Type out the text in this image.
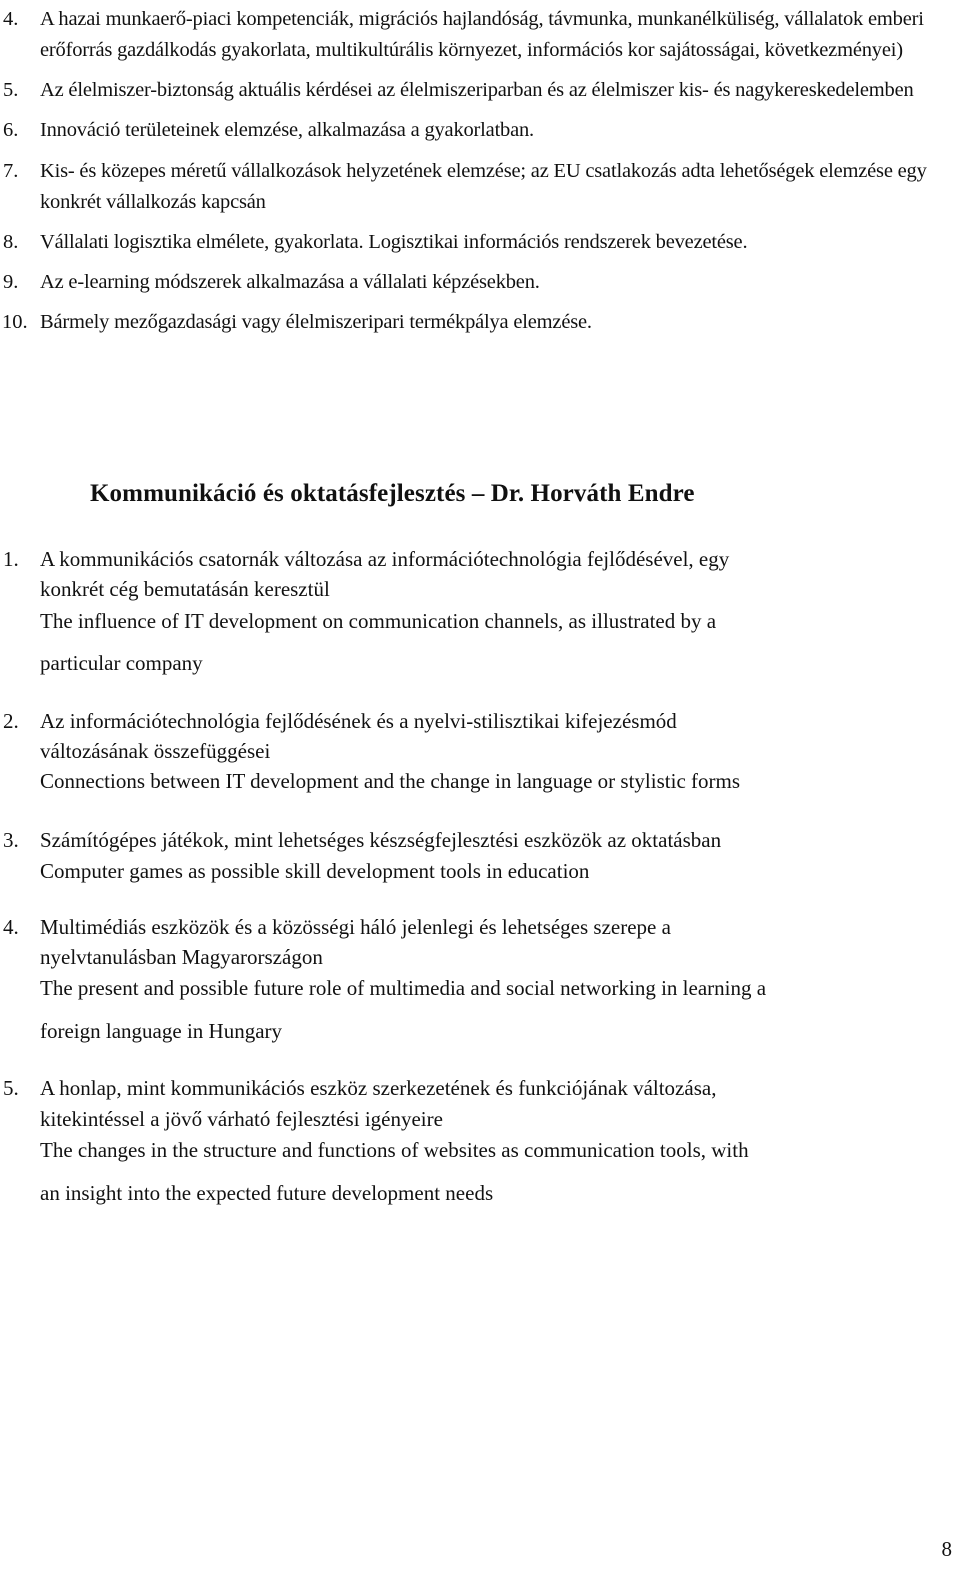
4. A hazai munkaerő-piaci kompetenciák, migrációs hajlandóság, távmunka, munkanélküliség, vállalatok emberi erőforrás gazdálkodás gyakorlata, multikultúrális környezet, információs kor sajátosságai, következményei)
5. Az élelmiszer-biztonság aktuális kérdései az élelmiszeriparban és az élelmiszer kis- és nagykereskedelemben
6. Innováció területeinek elemzése, alkalmazása a gyakorlatban.
7. Kis- és közepes méretű vállalkozások helyzetének elemzése; az EU csatlakozás adta lehetőségek elemzése egy konkrét vállalkozás kapcsán
8. Vállalati logisztika elmélete, gyakorlata. Logisztikai információs rendszerek bevezetése.
9. Az e-learning módszerek alkalmazása a vállalati képzésekben.
10. Bármely mezőgazdasági vagy élelmiszeripari termékpálya elemzése.
Kommunikáció és oktatásfejlesztés – Dr. Horváth Endre
1. A kommunikációs csatornák változása az információtechnológia fejlődésével, egy
konkrét cég bemutatásán keresztül
The influence of IT development on communication channels, as illustrated by a
particular company
2. Az információtechnológia fejlődésének és a nyelvi-stilisztikai kifejezésmód
változásának összefüggései
Connections between IT development and the change in language or stylistic forms
3. Számítógépes játékok, mint lehetséges készségfejlesztési eszközök az oktatásban
Computer games as possible skill development tools in education
4. Multimédiás eszközök és a közösségi háló jelenlegi és lehetséges szerepe a
nyelvtanulásban Magyarországon
The present and possible future role of multimedia and social networking in learning a
foreign language in Hungary
5. A honlap, mint kommunikációs eszköz szerkezetének és funkciójának változása,
kitekintéssel a jövő várható fejlesztési igényeire
The changes in the structure and functions of websites as communication tools, with
an insight into the expected future development needs
8
